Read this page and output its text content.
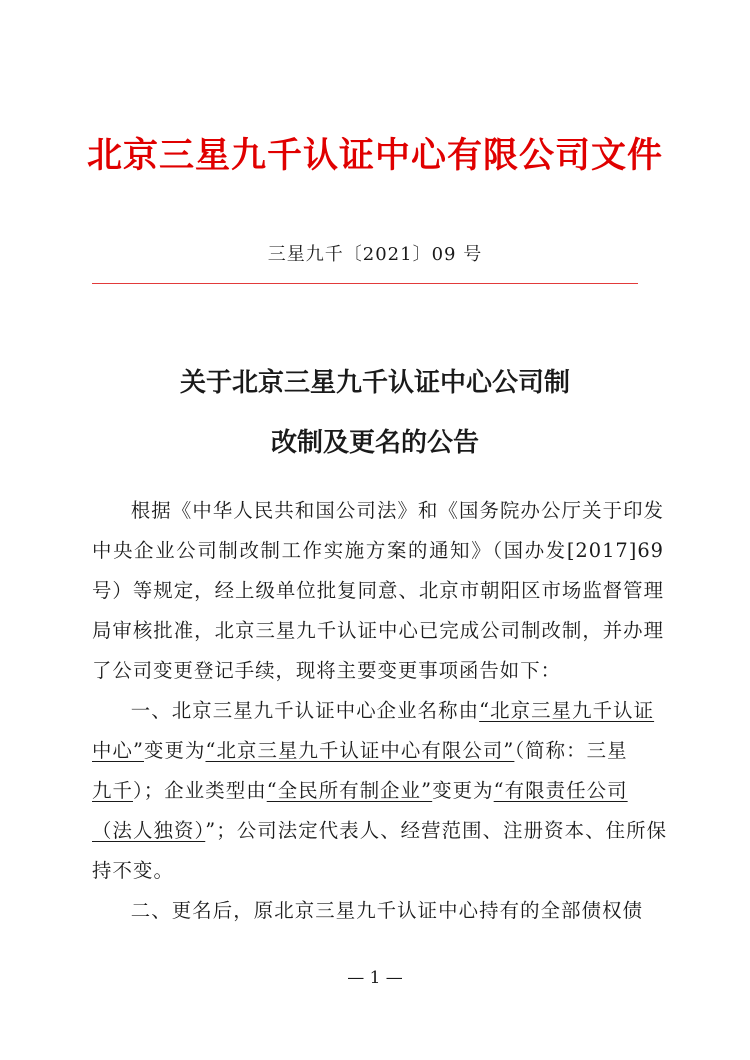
北京三星九千认证中心有限公司文件
三星九千〔2021〕09 号
关于北京三星九千认证中心公司制
改制及更名的公告

根据《中华人民共和国公司法》和《国务院办公厅关于印发中央企业公司制改制工作实施方案的通知》（国办发[2017]69 号）等规定，经上级单位批复同意、北京市朝阳区市场监督管理局审核批准，北京三星九千认证中心已完成公司制改制，并办理了公司变更登记手续，现将主要变更事项函告如下：

一、北京三星九千认证中心企业名称由“北京三星九千认证
中心”变更为“北京三星九千认证中心有限公司”（简称：三星
九千）；企业类型由“全民所有制企业”变更为“有限责任公司
（法人独资）”；公司法定代表人、经营范围、注册资本、住所保
持不变。
二、更名后，原北京三星九千认证中心持有的全部债权债
— 1 —
